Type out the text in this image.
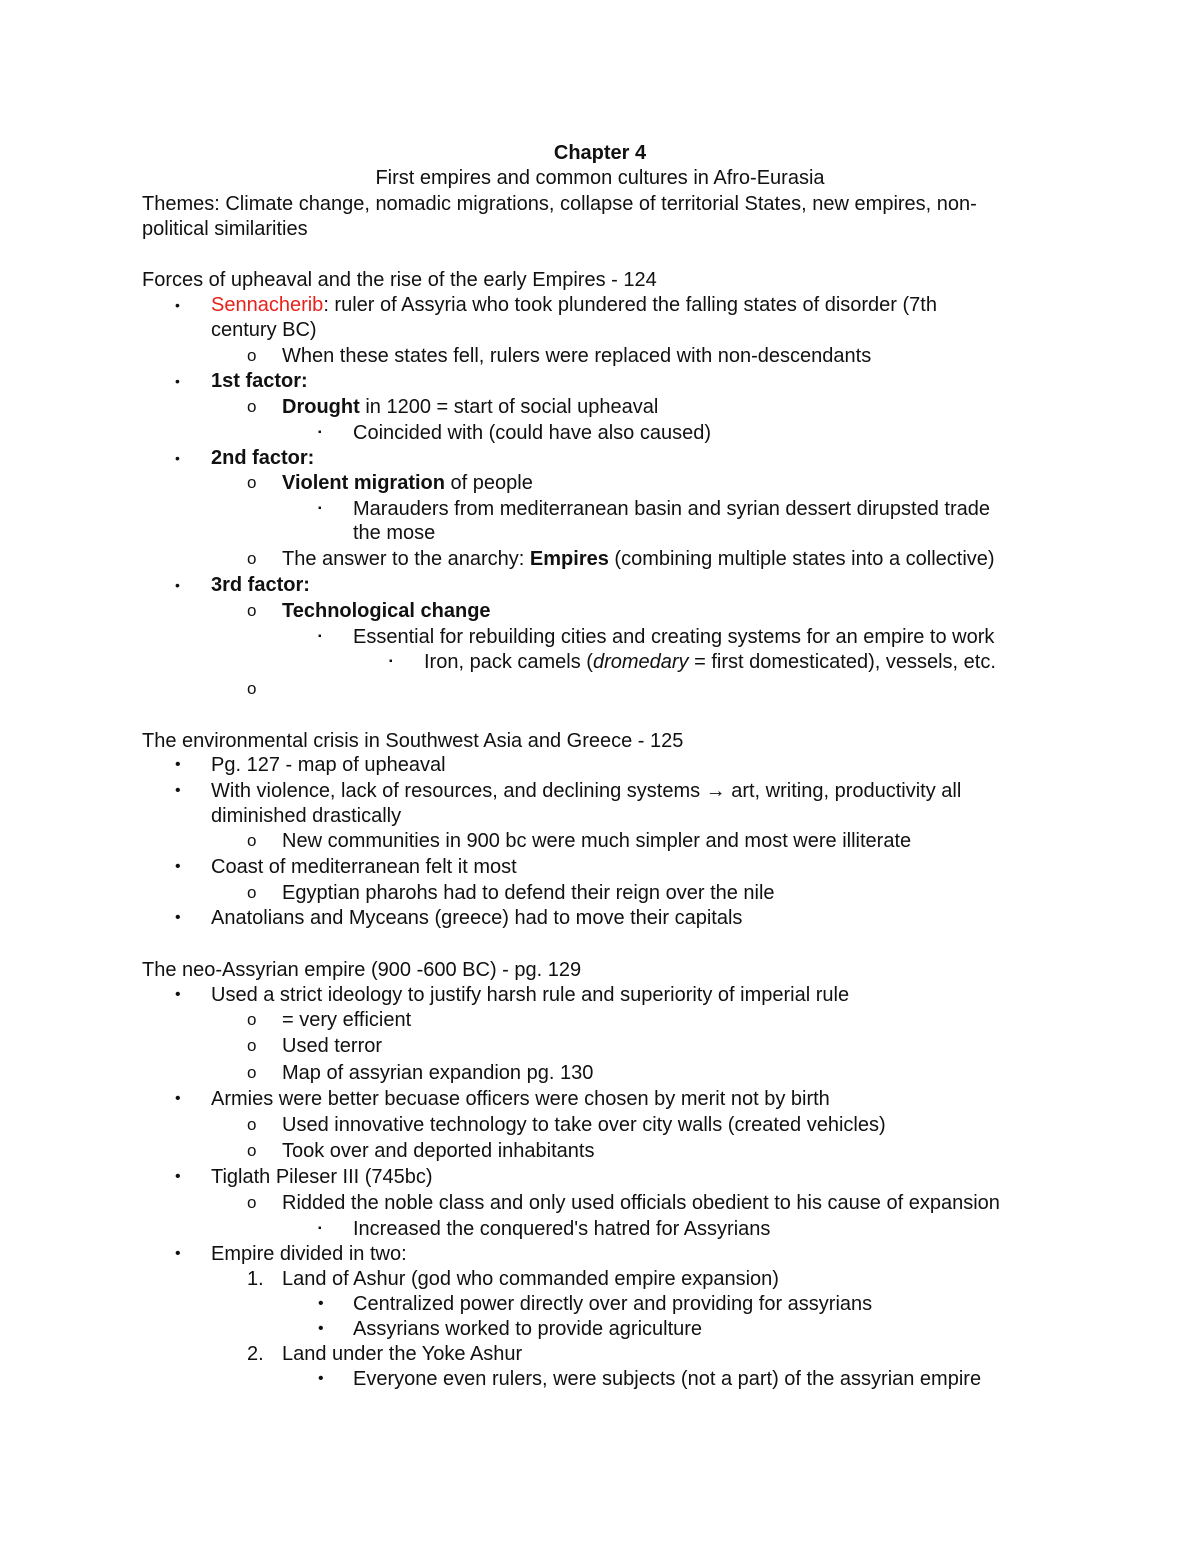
Chapter 4
First empires and common cultures in Afro-Eurasia
Themes: Climate change, nomadic migrations, collapse of territorial States, new empires, non-
political similarities
Forces of upheaval and the rise of the early Empires - 124
• Sennacherib: ruler of Assyria who took plundered the falling states of disorder (7th
century BC)
o When these states fell, rulers were replaced with non-descendants
• 1st factor:
o Drought in 1200 = start of social upheaval
▪ Coincided with (could have also caused)
• 2nd factor:
o Violent migration of people
▪ Marauders from mediterranean basin and syrian dessert dirupsted trade
the mose
o The answer to the anarchy: Empires (combining multiple states into a collective)
• 3rd factor:
o Technological change
▪ Essential for rebuilding cities and creating systems for an empire to work
▪ Iron, pack camels (dromedary = first domesticated), vessels, etc.
o
The environmental crisis in Southwest Asia and Greece - 125
• Pg. 127 - map of upheaval
• With violence, lack of resources, and declining systems → art, writing, productivity all
diminished drastically
o New communities in 900 bc were much simpler and most were illiterate
• Coast of mediterranean felt it most
o Egyptian pharohs had to defend their reign over the nile
• Anatolians and Myceans (greece) had to move their capitals
The neo-Assyrian empire (900 -600 BC) - pg. 129
• Used a strict ideology to justify harsh rule and superiority of imperial rule
o = very efficient
o Used terror
o Map of assyrian expandion pg. 130
• Armies were better becuase officers were chosen by merit not by birth
o Used innovative technology to take over city walls (created vehicles)
o Took over and deported inhabitants
• Tiglath Pileser III (745bc)
o Ridded the noble class and only used officials obedient to his cause of expansion
▪ Increased the conquered's hatred for Assyrians
• Empire divided in two:
1. Land of Ashur (god who commanded empire expansion)
• Centralized power directly over and providing for assyrians
• Assyrians worked to provide agriculture
2. Land under the Yoke Ashur
• Everyone even rulers, were subjects (not a part) of the assyrian empire
